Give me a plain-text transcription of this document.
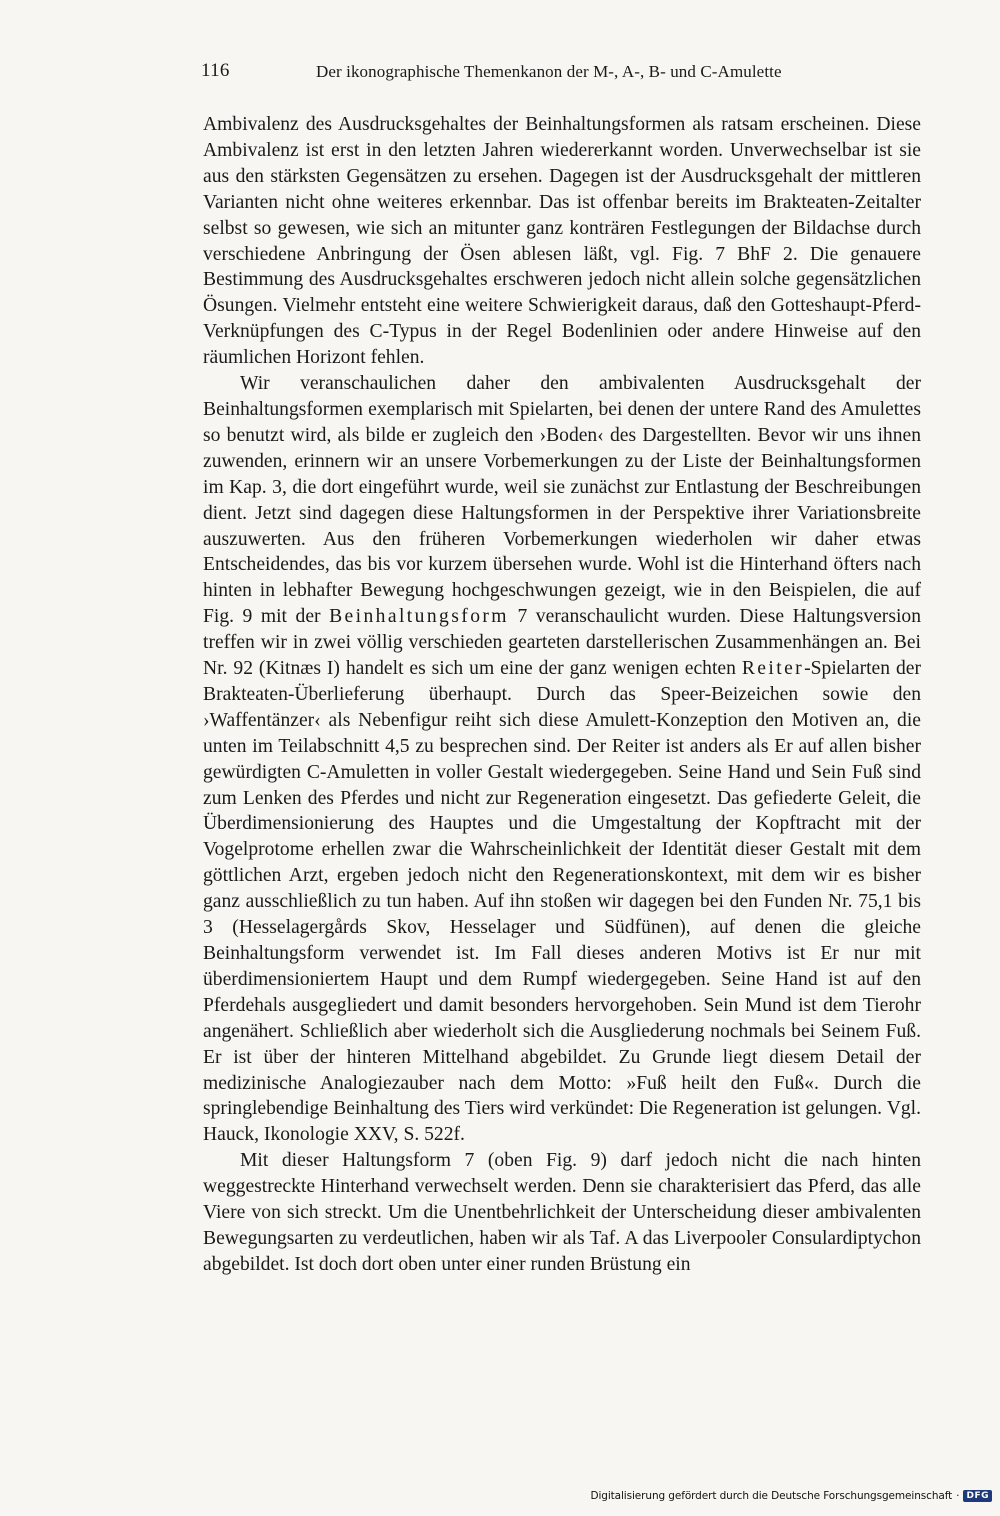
116	Der ikonographische Themenkanon der M-, A-, B- und C-Amulette

Ambivalenz des Ausdrucksgehaltes der Beinhaltungsformen als ratsam erscheinen. Diese Ambivalenz ist erst in den letzten Jahren wiedererkannt worden. Unverwechselbar ist sie aus den stärksten Gegensätzen zu ersehen. Dagegen ist der Ausdrucksgehalt der mittleren Varianten nicht ohne weiteres erkennbar. Das ist offenbar bereits im Brakteaten-Zeitalter selbst so gewesen, wie sich an mitunter ganz konträren Festlegungen der Bildachse durch verschiedene Anbringung der Ösen ablesen läßt, vgl. Fig. 7 BhF 2. Die genauere Bestimmung des Ausdrucksgehaltes erschweren jedoch nicht allein solche gegensätzlichen Ösungen. Vielmehr entsteht eine weitere Schwierigkeit daraus, daß den Gotteshaupt-Pferd-Verknüpfungen des C-Typus in der Regel Bodenlinien oder andere Hinweise auf den räumlichen Horizont fehlen.

Wir veranschaulichen daher den ambivalenten Ausdrucksgehalt der Beinhaltungsformen exemplarisch mit Spielarten, bei denen der untere Rand des Amulettes so benutzt wird, als bilde er zugleich den ›Boden‹ des Dargestellten. Bevor wir uns ihnen zuwenden, erinnern wir an unsere Vorbemerkungen zu der Liste der Beinhaltungsformen im Kap. 3, die dort eingeführt wurde, weil sie zunächst zur Entlastung der Beschreibungen dient. Jetzt sind dagegen diese Haltungsformen in der Perspektive ihrer Variationsbreite auszuwerten. Aus den früheren Vorbemerkungen wiederholen wir daher etwas Entscheidendes, das bis vor kurzem übersehen wurde. Wohl ist die Hinterhand öfters nach hinten in lebhafter Bewegung hochgeschwungen gezeigt, wie in den Beispielen, die auf Fig. 9 mit der Beinhaltungsform 7 veranschaulicht wurden. Diese Haltungsversion treffen wir in zwei völlig verschieden gearteten darstellerischen Zusammenhängen an. Bei Nr. 92 (Kitnæs I) handelt es sich um eine der ganz wenigen echten Reiter-Spielarten der Brakteaten-Überlieferung überhaupt. Durch das Speer-Beizeichen sowie den ›Waffentänzer‹ als Nebenfigur reiht sich diese Amulett-Konzeption den Motiven an, die unten im Teilabschnitt 4,5 zu besprechen sind. Der Reiter ist anders als Er auf allen bisher gewürdigten C-Amuletten in voller Gestalt wiedergegeben. Seine Hand und Sein Fuß sind zum Lenken des Pferdes und nicht zur Regeneration eingesetzt. Das gefiederte Geleit, die Überdimensionierung des Hauptes und die Umgestaltung der Kopftracht mit der Vogelprotome erhellen zwar die Wahrscheinlichkeit der Identität dieser Gestalt mit dem göttlichen Arzt, ergeben jedoch nicht den Regenerationskontext, mit dem wir es bisher ganz ausschließlich zu tun haben. Auf ihn stoßen wir dagegen bei den Funden Nr. 75,1 bis 3 (Hesselagergårds Skov, Hesselager und Südfünen), auf denen die gleiche Beinhaltungsform verwendet ist. Im Fall dieses anderen Motivs ist Er nur mit überdimensioniertem Haupt und dem Rumpf wiedergegeben. Seine Hand ist auf den Pferdehals ausgegliedert und damit besonders hervorgehoben. Sein Mund ist dem Tierohr angenähert. Schließlich aber wiederholt sich die Ausgliederung nochmals bei Seinem Fuß. Er ist über der hinteren Mittelhand abgebildet. Zu Grunde liegt diesem Detail der medizinische Analogiezauber nach dem Motto: »Fuß heilt den Fuß«. Durch die springlebendige Beinhaltung des Tiers wird verkündet: Die Regeneration ist gelungen. Vgl. Hauck, Ikonologie XXV, S. 522f.

Mit dieser Haltungsform 7 (oben Fig. 9) darf jedoch nicht die nach hinten weggestreckte Hinterhand verwechselt werden. Denn sie charakterisiert das Pferd, das alle Viere von sich streckt. Um die Unentbehrlichkeit der Unterscheidung dieser ambivalenten Bewegungsarten zu verdeutlichen, haben wir als Taf. A das Liverpooler Consulardiptychon abgebildet. Ist doch dort oben unter einer runden Brüstung ein

Digitalisierung gefördert durch die Deutsche Forschungsgemeinschaft · DFG
